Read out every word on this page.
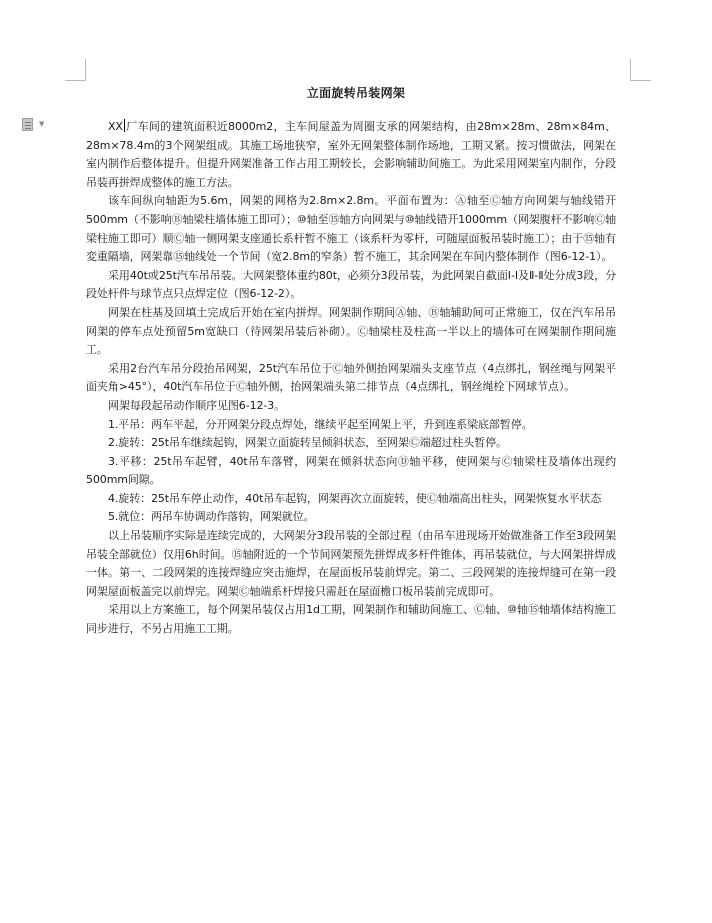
▼
立面旋转吊装网架

XX 厂车间的建筑面积近8000m2，主车间屋盖为周圈支承的网架结构，由28m×28m、28m×84m、28m×78.4m的3个网架组成。其施工场地狭窄，室外无网架整体制作场地，工期又紧。按习惯做法，网架在室内制作后整体提升。但提升网架准备工作占用工期较长，会影响辅助间施工。为此采用网架室内制作，分段吊装再拼焊成整体的施工方法。

该车间纵向轴距为5.6m，网架的网格为2.8m×2.8m。平面布置为：Ⓐ轴至Ⓒ轴方向网架与轴线错开500mm（不影响Ⓑ轴梁柱墙体施工即可）；⑩轴至⑮轴方向网架与⑩轴线错开1000mm（网架腹杆不影响Ⓒ轴梁柱施工即可）顺Ⓒ轴一侧网架支座通长系杆暂不施工（该系杆为零杆，可随屋面板吊装时施工）；由于⑮轴有変重隔墙，网架靠⑮轴线处一个节间（宽2.8m的窄条）暂不施工，其余网架在车间内整体制作（图6-12-1）。

采用40t或25t汽车吊吊装。大网架整体重约80t，必须分3段吊装，为此网架自截面Ⅰ-Ⅰ及Ⅱ-Ⅱ处分成3段，分段处杆件与球节点只点焊定位（图6-12-2）。

网架在柱基及回填土完成后开始在室内拼焊。网架制作期间Ⓐ轴、Ⓑ轴辅助间可正常施工，仅在汽车吊吊网架的停车点处预留5m宽缺口（待网架吊装后补砌）。Ⓒ轴梁柱及柱高一半以上的墙体可在网架制作期间施工。

采用2台汽车吊分段抬吊网架，25t汽车吊位于Ⓒ轴外侧抬网架端头支座节点（4点绑扎，钢丝绳与网架平面夹角>45°），40t汽车吊位于Ⓒ轴外侧，抬网架端头第二排节点（4点绑扎，钢丝绳栓下网球节点）。

网架每段起吊动作顺序见图6-12-3。

1.平吊：两车平起，分开网架分段点焊处，继续平起至网架上平，升到连系梁底部暂停。

2.旋转：25t吊车继续起钩，网架立面旋转呈倾斜状态，至网架Ⓒ端超过柱头暂停。

3.平移：25t吊车起臂，40t吊车落臂，网架在倾斜状态向Ⓓ轴平移，使网架与Ⓒ轴梁柱及墙体出现约500mm间隙。

4.旋转：25t吊车停止动作，40t吊车起钩，网架再次立面旋转，使Ⓒ轴端高出柱头，网架恢复水平状态

5.就位：两吊车协调动作落钩，网架就位。

以上吊装顺序实际是连续完成的，大网架分3段吊装的全部过程（由吊车进现场开始做准备工作至3段网架吊装全部就位）仅用6h时间。⑮轴附近的一个节间网架预先拼焊成多杆件锥体，再吊装就位，与大网架拼焊成一体。第一、二段网架的连接焊缝应突击施焊，在屋面板吊装前焊完。第二、三段网架的连接焊缝可在第一段网架屋面板盖完以前焊完。网架Ⓒ轴端系杆焊接只需赶在屋面檐口板吊装前完成即可。

采用以上方案施工，每个网架吊装仅占用1d工期，网架制作和辅助间施工、Ⓒ轴、⑩轴⑮轴墙体结构施工同步进行，不另占用施工工期。
